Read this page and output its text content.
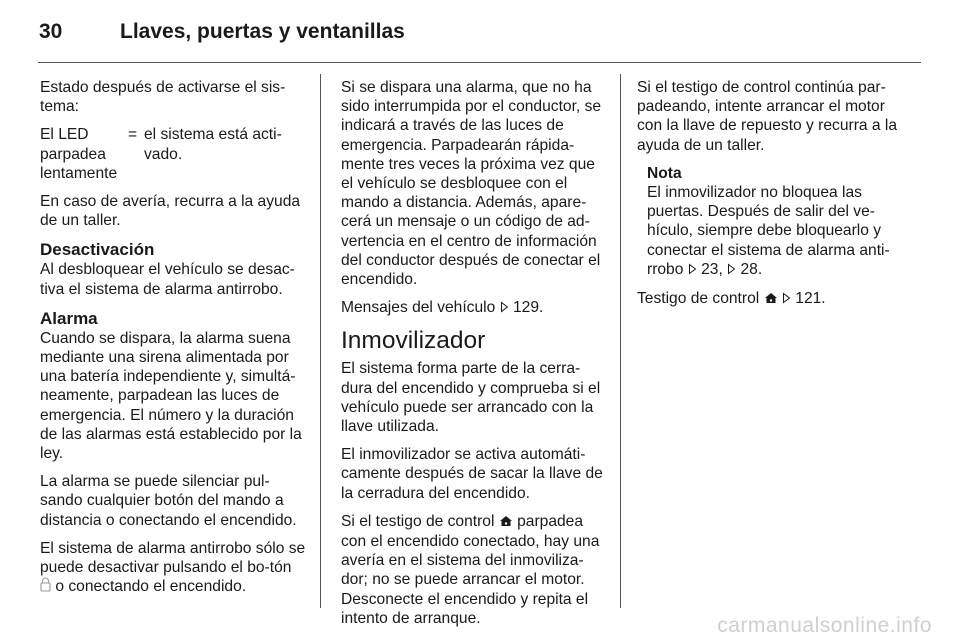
30	Llaves, puertas y ventanillas

Estado después de activarse el sis-tema:

El LED parpadea lentamente
= el sistema está acti-vado.

En caso de avería, recurra a la ayuda de un taller.

Desactivación

Al desbloquear el vehículo se desac-tiva el sistema de alarma antirrobo.

Alarma

Cuando se dispara, la alarma suena mediante una sirena alimentada por una batería independiente y, simultá-neamente, parpadean las luces de emergencia. El número y la duración de las alarmas está establecido por la ley.

La alarma se puede silenciar pul-sando cualquier botón del mando a distancia o conectando el encendido.

El sistema de alarma antirrobo sólo se puede desactivar pulsando el bo-tón  o conectando el encendido.

Si se dispara una alarma, que no ha sido interrumpida por el conductor, se indicará a través de las luces de emergencia. Parpadearán rápida-mente tres veces la próxima vez que el vehículo se desbloquee con el mando a distancia. Además, apare-cerá un mensaje o un código de ad-vertencia en el centro de información del conductor después de conectar el encendido.

Mensajes del vehículo 129.

Inmovilizador

El sistema forma parte de la cerra-dura del encendido y comprueba si el vehículo puede ser arrancado con la llave utilizada.

El inmovilizador se activa automáti-camente después de sacar la llave de la cerradura del encendido.

Si el testigo de control parpadea con el encendido conectado, hay una avería en el sistema del inmoviliza-dor; no se puede arrancar el motor. Desconecte el encendido y repita el intento de arranque.

Si el testigo de control continúa par-padeando, intente arrancar el motor con la llave de repuesto y recurra a la ayuda de un taller.

Nota

El inmovilizador no bloquea las puertas. Después de salir del ve-hículo, siempre debe bloquearlo y conectar el sistema de alarma anti-rrobo 23, 28.

Testigo de control 121.

carmanualsonline.info
